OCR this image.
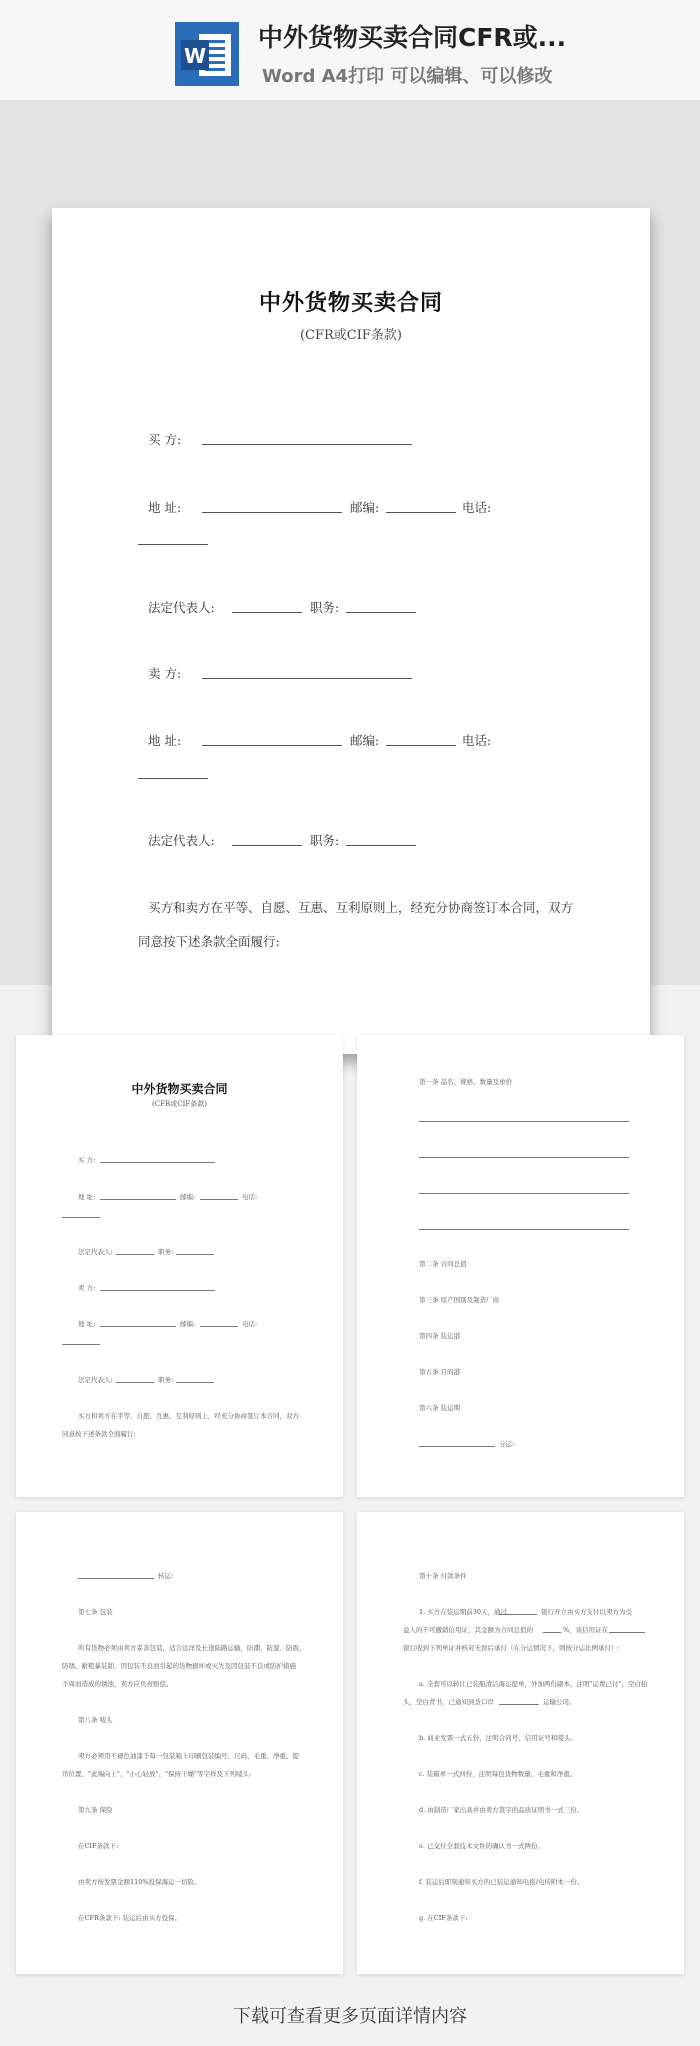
W
中外货物买卖合同CFR或...
Word A4打印 可以编辑、可以修改
中外货物买卖合同
(CFR或CIF条款)
买 方:
地 址:	邮编:	电话:
法定代表人:	职务:
卖 方:
地 址:	邮编:	电话:
法定代表人:	职务:
买方和卖方在平等、自愿、互惠、互利原则上，经充分协商签订本合同，双方
同意按下述条款全面履行:
中外货物买卖合同
(CFR或CIF条款)
买 方:
地 址:	邮编:	电话:
法定代表人:	职务:
卖 方:
地 址:	邮编:	电话:
法定代表人:	职务:
买方和卖方在平等、自愿、互惠、互利原则上，经充分协商签订本合同，双方
同意按下述条款全面履行:
第一条 品名、规格、数量及单价
第二条 合同总值
第三条 原产国别及制造厂商
第四条 装运港
第五条 目的港
第六条 装运期
分运:
转运:
第七条 包装
所有货物必须由卖方妥善包装，适合远洋及长途陆路运输，防潮、防湿、防震、
防锈、耐粗暴装卸，因包装不良而引起的货物损坏或灭失及因包装不良或防护措施
不周而造成的锈蚀，卖方应负责赔偿。
第八条 唛头
卖方必须用不褪色油漆于每一包装箱上印刷包装编号、尺码、毛重、净重、提
吊位置、"此端向上"、"小心轻放"、"保持干燥"等字样及下列唛头:
第九条 保险
在CIF条款下:
由卖方按发票金额110%投保海运一切险。
在CFR条款下: 装运后由买方投保。
第十条 付款条件
1. 买方在装运期前30天，通过	银行开立由买方支付以卖方为受
益人的不可撤销信用证，其金额为合同总值的	%，该信用证在
银行收到下列单证并核对无误后承付（在分运情况下，则按分运比例承付）:
a. 全套可以转让已装船清洁海运提单，外加两份副本，注明"运费已付"，空白抬
头，空白背书，已通知到货口岸	运输公司。
b. 商业发票一式五份，注明合同号、信用证号和唛头。
c. 装箱单一式四份，注明每包货物数量、毛重和净重。
d. 由制造厂家出具并由卖方签字的品质证明书一式三份。
e. 已交付全套技术文件的确认书一式两份。
f. 装运后即刻通知买方的已装运通知电报/电传附本一份。
g. 在CIF条款下:
下载可查看更多页面详情内容
